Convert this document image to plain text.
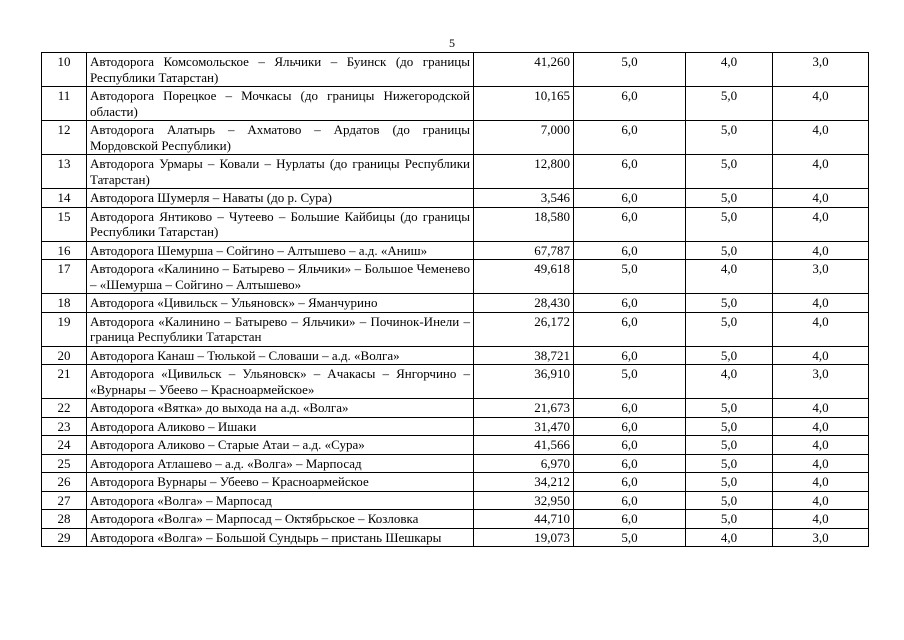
5
10	Автодорога Комсомольское – Яльчики – Буинск (до границы Республики Татарстан)	41,260	5,0	4,0	3,0
11	Автодорога Порецкое – Мочкасы (до границы Нижегородской области)	10,165	6,0	5,0	4,0
12	Автодорога Алатырь – Ахматово – Ардатов (до границы Мордовской Республики)	7,000	6,0	5,0	4,0
13	Автодорога Урмары – Ковали – Нурлаты (до границы Республики Татарстан)	12,800	6,0	5,0	4,0
14	Автодорога Шумерля – Наваты (до р. Сура)	3,546	6,0	5,0	4,0
15	Автодорога Янтиково – Чутеево – Большие Кайбицы (до границы Республики Татарстан)	18,580	6,0	5,0	4,0
16	Автодорога Шемурша – Сойгино – Алтышево – а.д. «Аниш»	67,787	6,0	5,0	4,0
17	Автодорога «Калинино – Батырево – Яльчики» – Большое Чеменево – «Шемурша – Сойгино – Алтышево»	49,618	5,0	4,0	3,0
18	Автодорога «Цивильск – Ульяновск» – Яманчурино	28,430	6,0	5,0	4,0
19	Автодорога «Калинино – Батырево – Яльчики» – Починок-Инели – граница Республики Татарстан	26,172	6,0	5,0	4,0
20	Автодорога Канаш – Тюлькой – Словаши – а.д. «Волга»	38,721	6,0	5,0	4,0
21	Автодорога «Цивильск – Ульяновск» – Ачакасы – Янгорчино – «Вурнары – Убеево – Красноармейское»	36,910	5,0	4,0	3,0
22	Автодорога «Вятка» до выхода на а.д. «Волга»	21,673	6,0	5,0	4,0
23	Автодорога Аликово – Ишаки	31,470	6,0	5,0	4,0
24	Автодорога Аликово – Старые Атаи – а.д. «Сура»	41,566	6,0	5,0	4,0
25	Автодорога Атлашево – а.д. «Волга» – Марпосад	6,970	6,0	5,0	4,0
26	Автодорога Вурнары – Убеево – Красноармейское	34,212	6,0	5,0	4,0
27	Автодорога «Волга» – Марпосад	32,950	6,0	5,0	4,0
28	Автодорога «Волга» – Марпосад – Октябрьское – Козловка	44,710	6,0	5,0	4,0
29	Автодорога «Волга» – Большой Сундырь – пристань Шешкары	19,073	5,0	4,0	3,0
